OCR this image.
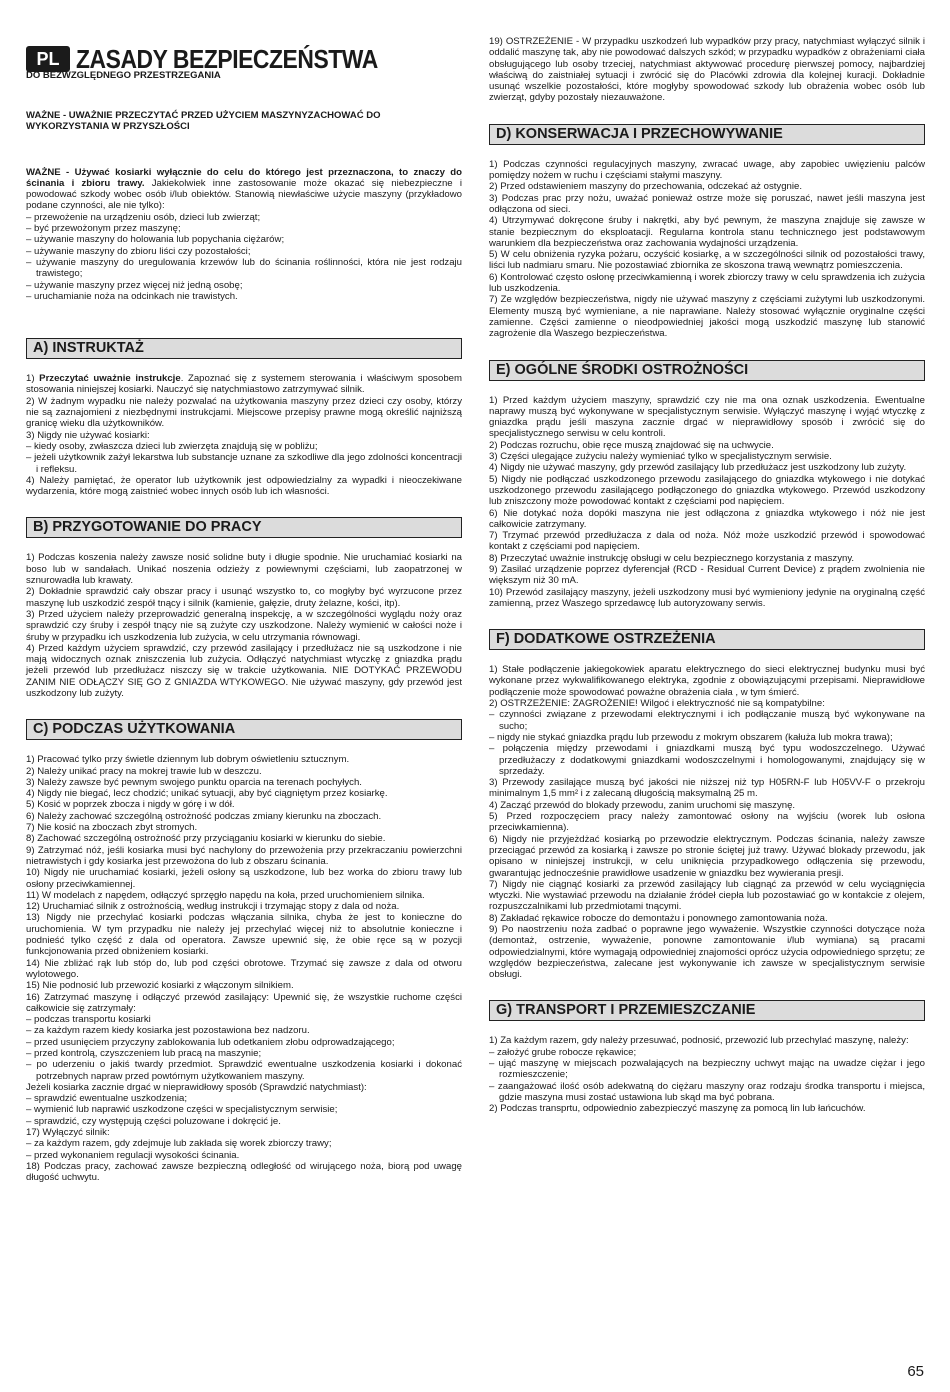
PL ZASADY BEZPIECZEŃSTWA
DO BEZWZGLĘDNEGO PRZESTRZEGANIA
WAŻNE - UWAŻNIE PRZECZYTAĆ PRZED UŻYCIEM MASZYNYZACHOWAĆ DO WYKORZYSTANIA W PRZYSZŁOŚCI

WAŻNE - Używać kosiarki wyłącznie do celu do którego jest przeznaczona, to znaczy do ścinania i zbioru trawy. Jakiekolwiek inne zastosowanie może okazać się niebezpieczne i powodować szkody wobec osób i/lub obiektów. Stanowią niewłaściwe użycie maszyny (przykładowo podane czynności, ale nie tylko):

– przewożenie na urządzeniu osób, dzieci lub zwierząt;
– być przewożonym przez maszynę;
– używanie maszyny do holowania lub popychania ciężarów;
– używanie maszyny do zbioru liści czy pozostałości;
– używanie maszyny do uregulowania krzewów lub do ścinania roślinności, która nie jest rodzaju trawistego;
– używanie maszyny przez więcej niż jedną osobę;
– uruchamianie noża na odcinkach nie trawistych.
A) INSTRUKTAŻ

1) Przeczytać uważnie instrukcje. Zapoznać się z systemem sterowania i właściwym sposobem stosowania niniejszej kosiarki. Nauczyć się natychmiastowo zatrzymywać silnik.

2) W żadnym wypadku nie należy pozwalać na użytkowania maszyny przez dzieci czy osoby, którzy nie są zaznajomieni z niezbędnymi instrukcjami. Miejscowe przepisy prawne mogą określić najniższą granicę wieku dla użytkowników.

3) Nigdy nie używać kosiarki:

– kiedy osoby, zwłaszcza dzieci lub zwierzęta znajdują się w pobliżu;
– jeżeli użytkownik zażył lekarstwa lub substancje uznane za szkodliwe dla jego zdolności koncentracji i refleksu.

4) Należy pamiętać, że operator lub użytkownik jest odpowiedzialny za wypadki i nieoczekiwane wydarzenia, które mogą zaistnieć wobec innych osób lub ich własności.

B) PRZYGOTOWANIE DO PRACY

1) Podczas koszenia należy zawsze nosić solidne buty i długie spodnie. Nie uruchamiać kosiarki na boso lub w sandałach. Unikać noszenia odzieży z powiewnymi częściami, lub zaopatrzonej w sznurowadła lub krawaty.

2) Dokładnie sprawdzić cały obszar pracy i usunąć wszystko to, co mogłyby być wyrzucone przez maszynę lub uszkodzić zespół tnący i silnik (kamienie, gałęzie, druty żelazne, kości, itp).

3) Przed użyciem należy przeprowadzić generalną inspekcję, a w szczególności wyglądu noży oraz sprawdzić czy śruby i zespół tnący nie są zużyte czy uszkodzone. Należy wymienić w całości noże i śruby w przypadku ich uszkodzenia lub zużycia, w celu utrzymania równowagi.

4) Przed każdym użyciem sprawdzić, czy przewód zasilający i przedłużacz nie są uszkodzone i nie mają widocznych oznak zniszczenia lub zużycia. Odłączyć natychmiast wtyczkę z gniazdka prądu jeżeli przewód lub przedłużacz niszczy się w trakcie użytkowania. NIE DOTYKAĆ PRZEWODU ZANIM NIE ODŁĄCZY SIĘ GO Z GNIAZDA WTYKOWEGO. Nie używać maszyny, gdy przewód jest uszkodzony lub zużyty.

C) PODCZAS UŻYTKOWANIA

1) Pracować tylko przy świetle dziennym lub dobrym oświetleniu sztucznym.

2) Należy unikać pracy na mokrej trawie lub w deszczu.

3) Należy zawsze być pewnym swojego punktu oparcia na terenach pochyłych.

4) Nigdy nie biegać, lecz chodzić; unikać sytuacji, aby być ciągniętym przez kosiarkę.

5) Kosić w poprzek zbocza i nigdy w górę i w dół.

6) Należy zachować szczególną ostrożność podczas zmiany kierunku na zboczach.

7) Nie kosić na zboczach zbyt stromych.

8) Zachować szczególną ostrożność przy przyciąganiu kosiarki w kierunku do siebie.

9) Zatrzymać nóż, jeśli kosiarka musi być nachylony do przewożenia przy przekraczaniu powierzchni nietrawistych i gdy kosiarka jest przewożona do lub z obszaru ścinania.

10) Nigdy nie uruchamiać kosiarki, jeżeli osłony są uszkodzone, lub bez worka do zbioru trawy lub osłony przeciwkamiennej.

11) W modelach z napędem, odłączyć sprzęgło napędu na koła, przed uruchomieniem silnika.

12) Uruchamiać silnik z ostrożnością, według instrukcji i trzymając stopy z dala od noża.

13) Nigdy nie przechylać kosiarki podczas włączania silnika, chyba że jest to konieczne do uruchomienia. W tym przypadku nie należy jej przechylać więcej niż to absolutnie konieczne i podnieść tylko część z dala od operatora. Zawsze upewnić się, że obie ręce są w pozycji funkcjonowania przed obniżeniem kosiarki.

14) Nie zbliżać rąk lub stóp do, lub pod części obrotowe. Trzymać się zawsze z dala od otworu wylotowego.

15) Nie podnosić lub przewozić kosiarki z włączonym silnikiem.

16) Zatrzymać maszynę i odłączyć przewód zasilający: Upewnić się, że wszystkie ruchome części całkowicie się zatrzymały:

– podczas transportu kosiarki
– za każdym razem kiedy kosiarka jest pozostawiona bez nadzoru.
– przed usunięciem przyczyny zablokowania lub odetkaniem złobu odprowadzającego;
– przed kontrolą, czyszczeniem lub pracą na maszynie;
– po uderzeniu o jakiś twardy przedmiot. Sprawdzić ewentualne uszkodzenia kosiarki i dokonać potrzebnych napraw przed powtórnym użytkowaniem maszyny.

Jeżeli kosiarka zacznie drgać w nieprawidłowy sposób (Sprawdzić natychmiast):

– sprawdzić ewentualne uszkodzenia;
– wymienić lub naprawić uszkodzone części w specjalistycznym serwisie;
– sprawdzić, czy występują części poluzowane i dokręcić je.

17) Wyłączyć silnik:

– za każdym razem, gdy zdejmuje lub zakłada się worek zbiorczy trawy;
– przed wykonaniem regulacji wysokości ścinania.

18) Podczas pracy, zachować zawsze bezpieczną odległość od wirującego noża, biorą pod uwagę długość uchwytu.

19) OSTRZEŻENIE - W przypadku uszkodzeń lub wypadków przy pracy, natychmiast wyłączyć silnik i oddalić maszynę tak, aby nie powodować dalszych szkód; w przypadku wypadków z obrażeniami ciała obsługującego lub osoby trzeciej, natychmiast aktywować procedurę pierwszej pomocy, najbardziej właściwą do zaistniałej sytuacji i zwrócić się do Placówki zdrowia dla kolejnej kuracji. Dokładnie usunąć wszelkie pozostałości, które mogłyby spowodować szkody lub obrażenia wobec osób lub zwierząt, gdyby pozostały niezauważone.

D) KONSERWACJA I PRZECHOWYWANIE

1) Podczas czynności regulacyjnych maszyny, zwracać uwage, aby zapobiec uwięzieniu palców pomiędzy nożem w ruchu i częściami stałymi maszyny.

2) Przed odstawieniem maszyny do przechowania, odczekać aż ostygnie.

3) Podczas prac przy nożu, uważać ponieważ ostrze może się poruszać, nawet jeśli maszyna jest odłączona od sieci.

4) Utrzymywać dokręcone śruby i nakrętki, aby być pewnym, że maszyna znajduje się zawsze w stanie bezpiecznym do eksploatacji. Regularna kontrola stanu technicznego jest podstawowym warunkiem dla bezpieczeństwa oraz zachowania wydajności urządzenia.

5) W celu obniżenia ryzyka pożaru, oczyścić kosiarkę, a w szczególności silnik od pozostałości trawy, liści lub nadmiaru smaru. Nie pozostawiać zbiornika ze skoszona trawą wewnątrz pomieszczenia.

6) Kontrolować często osłonę przeciwkamienną i worek zbiorczy trawy w celu sprawdzenia ich zużycia lub uszkodzenia.

7) Ze względów bezpieczeństwa, nigdy nie używać maszyny z częściami zużytymi lub uszkodzonymi. Elementy muszą być wymieniane, a nie naprawiane. Należy stosować wyłącznie oryginalne części zamienne. Części zamienne o nieodpowiedniej jakości mogą uszkodzić maszynę lub stanowić zagrożenie dla Waszego bezpieczeństwa.

E) OGÓLNE ŚRODKI OSTROŻNOŚCI

1) Przed każdym użyciem maszyny, sprawdzić czy nie ma ona oznak uszkodzenia. Ewentualne naprawy muszą być wykonywane w specjalistycznym serwisie. Wyłączyć maszynę i wyjąć wtyczkę z gniazdka prądu jeśli maszyna zacznie drgać w nieprawidłowy sposób i zwrócić się do specjalistycznego serwisu w celu kontroli.

2) Podczas rozruchu, obie ręce muszą znajdować się na uchwycie.

3) Części ulegające zużyciu należy wymieniać tylko w specjalistycznym serwisie.

4) Nigdy nie używać maszyny, gdy przewód zasilający lub przedłużacz jest uszkodzony lub zużyty.

5) Nigdy nie podłączać uszkodzonego przewodu zasilającego do gniazdka wtykowego i nie dotykać uszkodzonego przewodu zasilającego podłączonego do gniazdka wtykowego. Przewód uszkodzony lub zniszczony może powodować kontakt z częściami pod napięciem.

6) Nie dotykać noża dopóki maszyna nie jest odłączona z gniazdka wtykowego i nóż nie jest całkowicie zatrzymany.

7) Trzymać przewód przedłużacza z dala od noża. Nóż może uszkodzić przewód i spowodować kontakt z częściami pod napięciem.

8) Przeczytać uważnie instrukcję obsługi w celu bezpiecznego korzystania z maszyny.

9) Zasilać urządzenie poprzez dyferencjał (RCD - Residual Current Device) z prądem zwolnienia nie większym niż 30 mA.

10) Przewód zasilający maszyny, jeżeli uszkodzony musi być wymieniony jedynie na oryginalną część zamienną, przez Waszego sprzedawcę lub autoryzowany serwis.

F) DODATKOWE OSTRZEŻENIA

1) Stałe podłączenie jakiegokowiek aparatu elektrycznego do sieci elektrycznej budynku musi być wykonane przez wykwalifikowanego elektryka, zgodnie z obowiązującymi przepisami. Nieprawidłowe podłączenie może spowodować poważne obrażenia ciała , w tym śmierć.

2) OSTRZEŻENIE: ZAGROŻENIE! Wilgoć i elektryczność nie są kompatybilne:

– czynności związane z przewodami elektrycznymi i ich podłączanie muszą być wykonywane na sucho;
– nigdy nie stykać gniazdka prądu lub przewodu z mokrym obszarem (kałuża lub mokra trawa);
– połączenia między przewodami i gniazdkami muszą być typu wodoszczelnego. Używać przedłużaczy z dodatkowymi gniazdkami wodoszczelnymi i homologowanymi, znajdujący się w sprzedaży.

3) Przewody zasilające muszą być jakości nie niższej niż typ H05RN-F lub H05VV-F o przekroju minimalnym 1,5 mm² i z zalecaną długością maksymalną 25 m.

4) Zacząć przewód do blokady przewodu, zanim uruchomi się maszynę.

5) Przed rozpoczęciem pracy należy zamontować osłony na wyjściu (worek lub osłona przeciwkamienna).

6) Nigdy nie przyjeżdżać kosiarką po przewodzie elektrycznym. Podczas ścinania, należy zawsze przeciągać przewód za kosiarką i zawsze po stronie ściętej już trawy. Używać blokady przewodu, jak opisano w niniejszej instrukcji, w celu uniknięcia przypadkowego odłączenia się przewodu, gwarantując jednocześnie prawidłowe usadzenie w gniazdku bez wywierania presji.

7) Nigdy nie ciągnąć kosiarki za przewód zasilający lub ciągnąć za przewód w celu wyciągnięcia wtyczki. Nie wystawiać przewodu na działanie źródeł ciepła lub pozostawiać go w kontakcie z olejem, rozpuszczalnikami lub przedmiotami tnącymi.

8) Zakładać rękawice robocze do demontażu i ponownego zamontowania noża.

9) Po naostrzeniu noża zadbać o poprawne jego wyważenie. Wszystkie czynności dotyczące noża (demontaż, ostrzenie, wyważenie, ponowne zamontowanie i/lub wymiana) są pracami odpowiedzialnymi, które wymagają odpowiedniej znajomości oprócz użycia odpowiedniego sprzętu; ze względów bezpieczeństwa, zalecane jest wykonywanie ich zawsze w specjalistycznym serwisie obsługi.

G) TRANSPORT I PRZEMIESZCZANIE

1) Za każdym razem, gdy należy przesuwać, podnosić, przewozić lub przechylać maszynę, należy:

– założyć grube robocze rękawice;
– ująć maszynę w miejscach pozwalających na bezpieczny uchwyt mając na uwadze ciężar i jego rozmieszczenie;
– zaangażować ilość osób adekwatną do ciężaru maszyny oraz rodzaju środka transportu i miejsca, gdzie maszyna musi zostać ustawiona lub skąd ma być pobrana.

2) Podczas transprtu, odpowiednio zabezpieczyć maszynę za pomocą lin lub łańcuchów.

65
